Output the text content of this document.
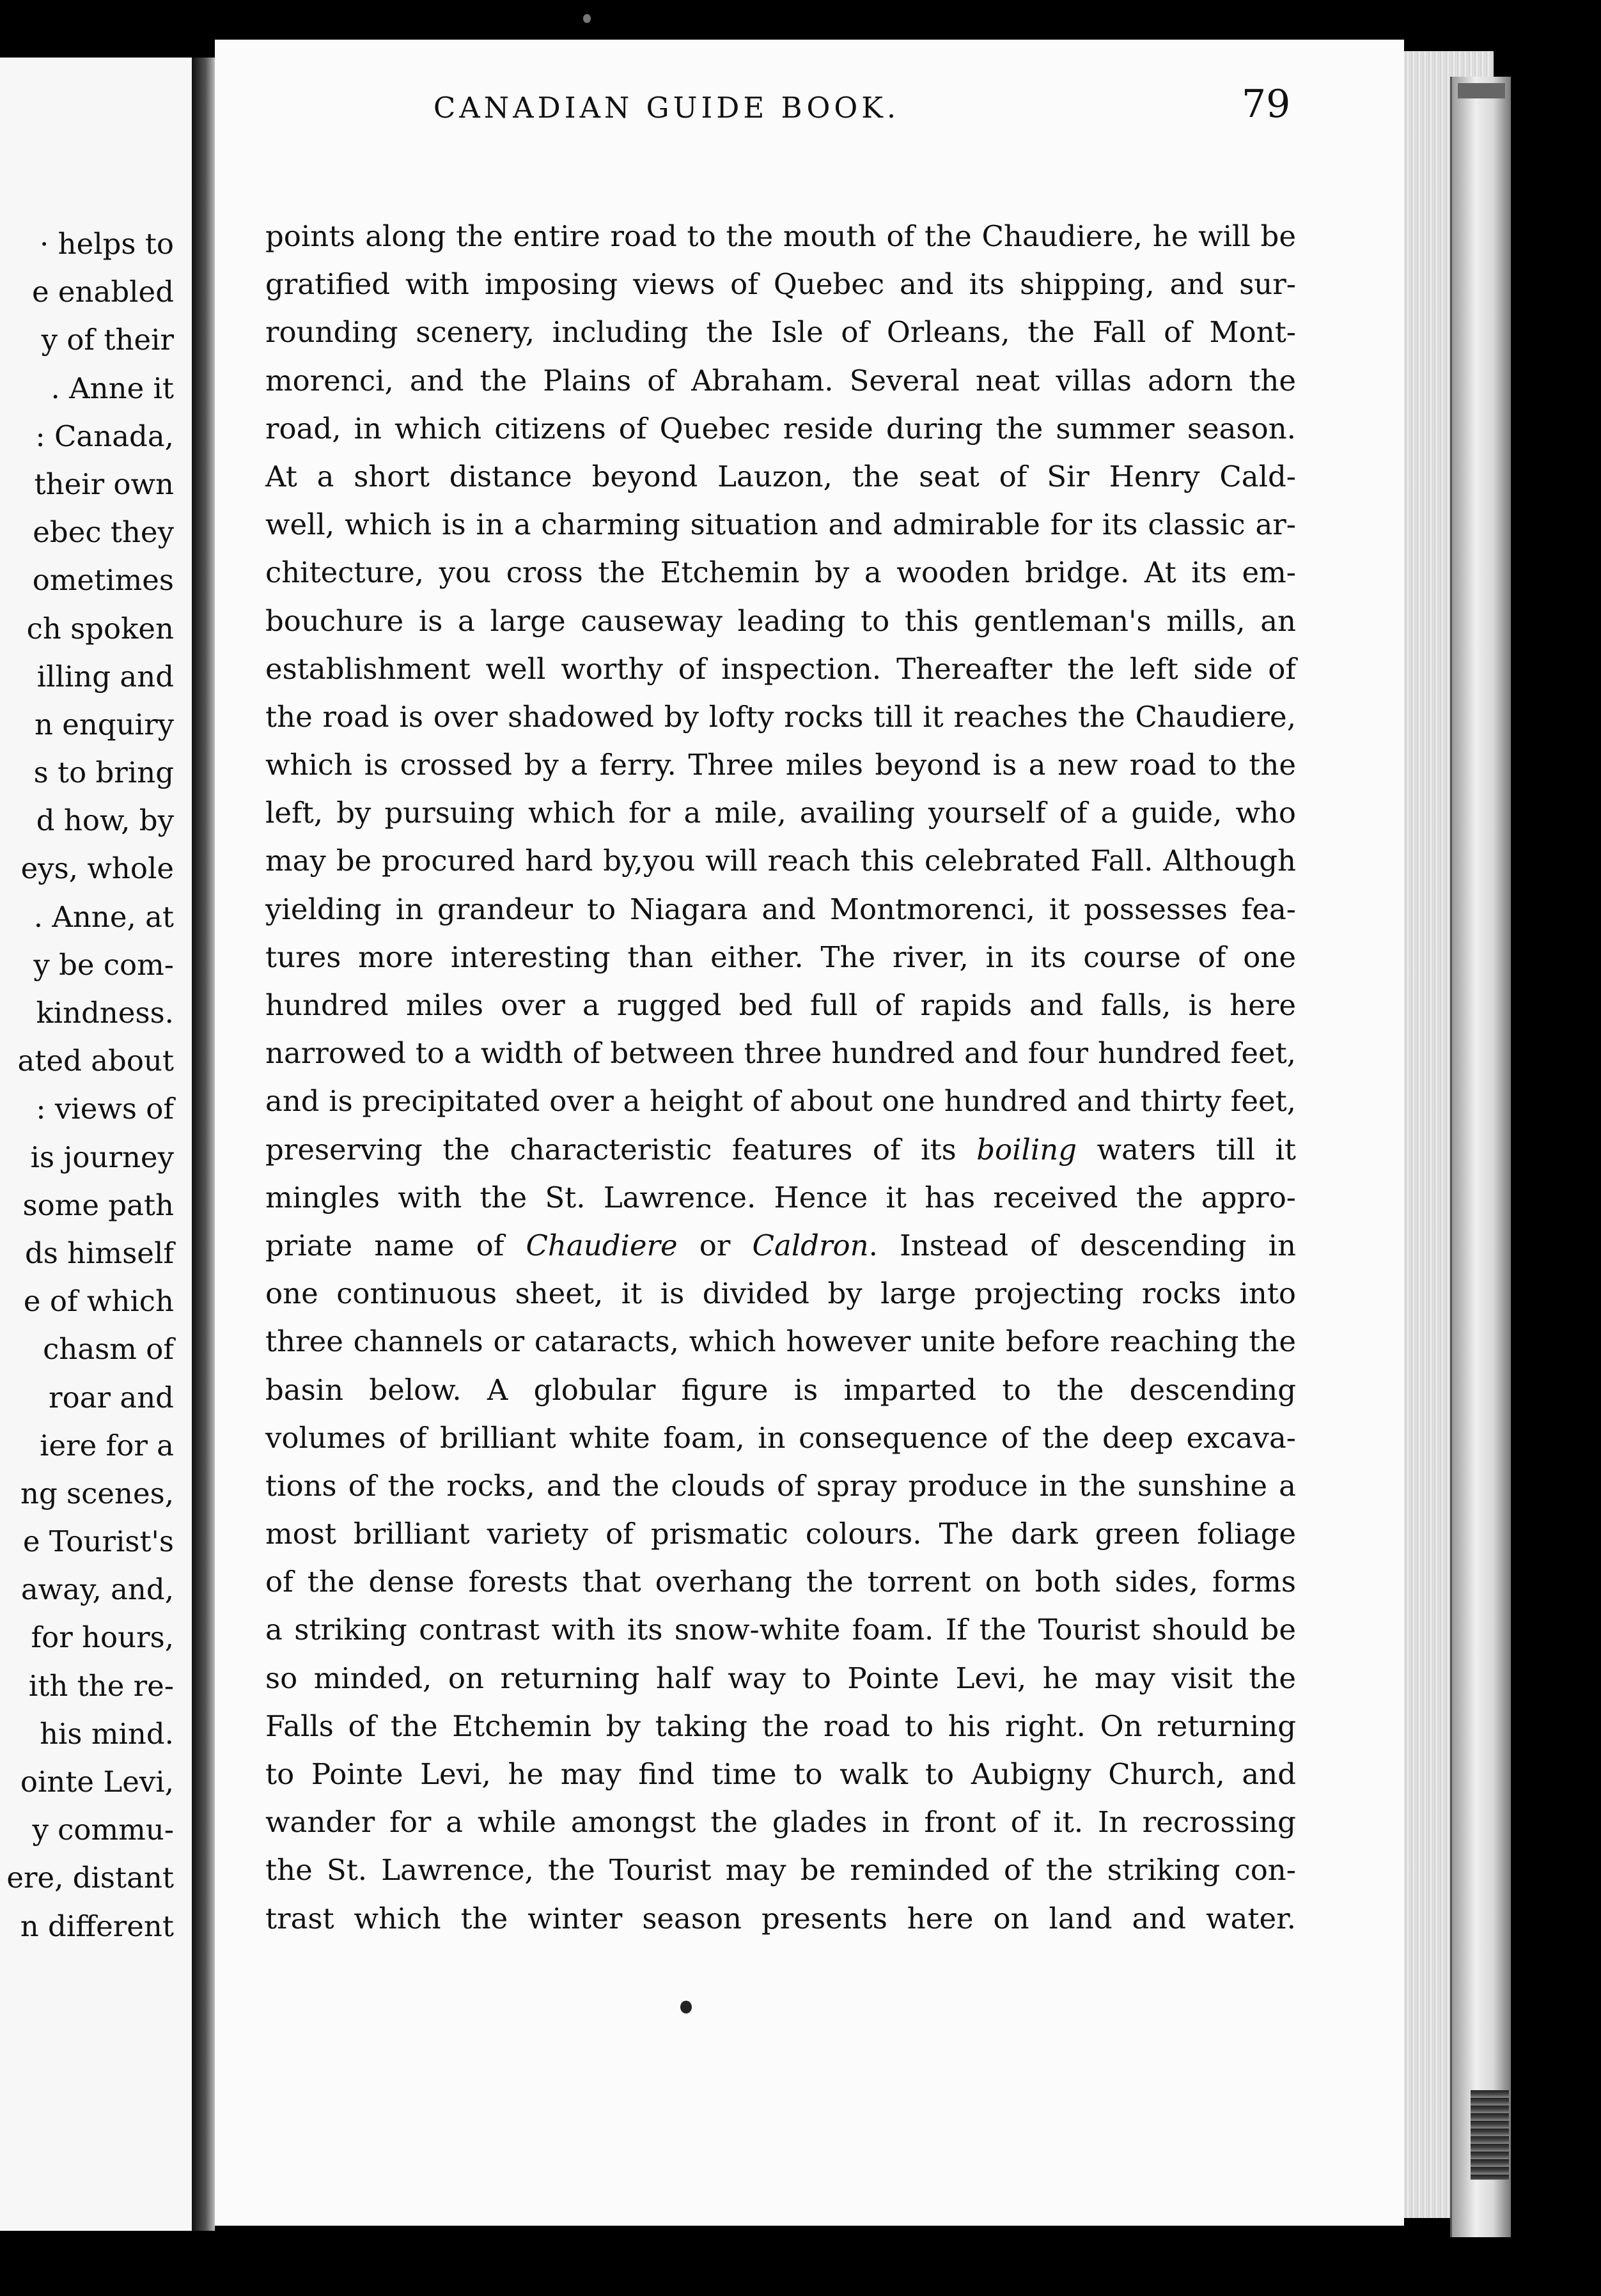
· helps to
e enabled
y of their
. Anne it
: Canada,
their own
ebec they
ometimes
ch spoken
illing and
n enquiry
s to bring
d how, by
eys, whole
. Anne, at
y be com-
kindness.
ated about
: views of
is journey
some path
ds himself
e of which
chasm of
roar and
iere for a
ng scenes,
e Tourist's
away, and,
for hours,
ith the re-
his mind.
ointe Levi,
y commu-
ere, distant
n different
CANADIAN GUIDE BOOK.	79
points along the entire road to the mouth of the Chaudiere, he will be
gratified with imposing views of Quebec and its shipping, and sur-
rounding scenery, including the Isle of Orleans, the Fall of Mont-
morenci, and the Plains of Abraham. Several neat villas adorn the
road, in which citizens of Quebec reside during the summer season.
At a short distance beyond Lauzon, the seat of Sir Henry Cald-
well, which is in a charming situation and admirable for its classic ar-
chitecture, you cross the Etchemin by a wooden bridge. At its em-
bouchure is a large causeway leading to this gentleman's mills, an
establishment well worthy of inspection. Thereafter the left side of
the road is over shadowed by lofty rocks till it reaches the Chaudiere,
which is crossed by a ferry. Three miles beyond is a new road to the
left, by pursuing which for a mile, availing yourself of a guide, who
may be procured hard by,you will reach this celebrated Fall. Although
yielding in grandeur to Niagara and Montmorenci, it possesses fea-
tures more interesting than either. The river, in its course of one
hundred miles over a rugged bed full of rapids and falls, is here
narrowed to a width of between three hundred and four hundred feet,
and is precipitated over a height of about one hundred and thirty feet,
preserving the characteristic features of its boiling waters till it
mingles with the St. Lawrence. Hence it has received the appro-
priate name of Chaudiere or Caldron. Instead of descending in
one continuous sheet, it is divided by large projecting rocks into
three channels or cataracts, which however unite before reaching the
basin below. A globular figure is imparted to the descending
volumes of brilliant white foam, in consequence of the deep excava-
tions of the rocks, and the clouds of spray produce in the sunshine a
most brilliant variety of prismatic colours. The dark green foliage
of the dense forests that overhang the torrent on both sides, forms
a striking contrast with its snow-white foam. If the Tourist should be
so minded, on returning half way to Pointe Levi, he may visit the
Falls of the Etchemin by taking the road to his right. On returning
to Pointe Levi, he may find time to walk to Aubigny Church, and
wander for a while amongst the glades in front of it. In recrossing
the St. Lawrence, the Tourist may be reminded of the striking con-
trast which the winter season presents here on land and water.
